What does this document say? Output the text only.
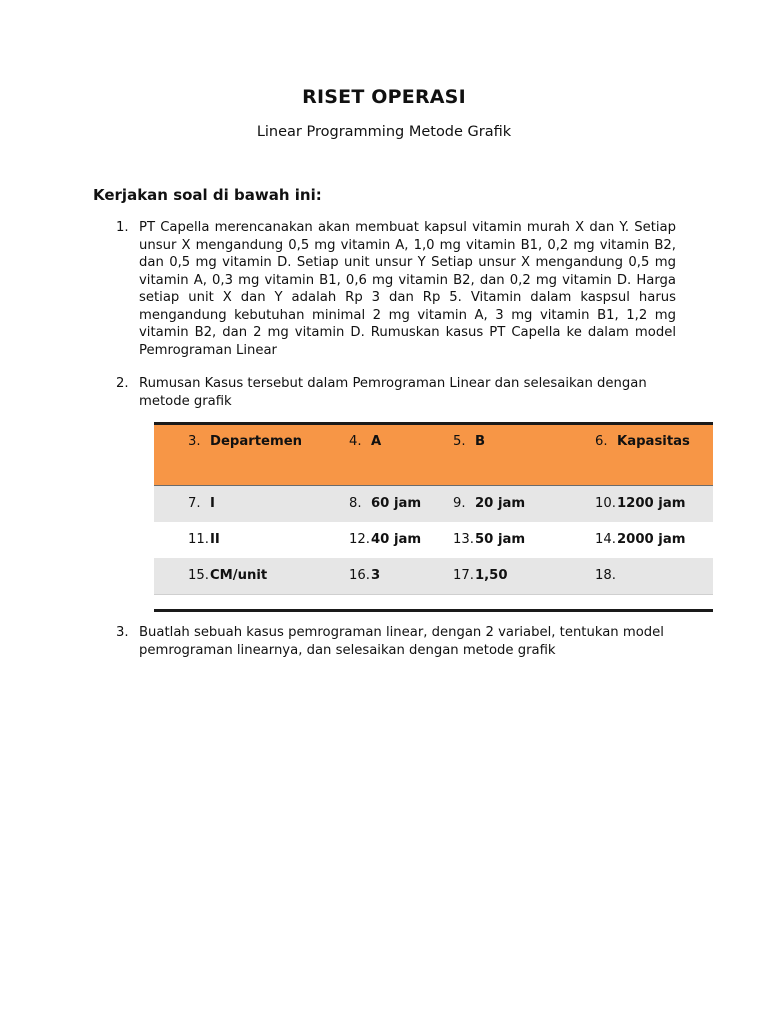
RISET OPERASI
Linear Programming Metode Grafik
Kerjakan soal di bawah ini:
1. PT Capella merencanakan akan membuat kapsul vitamin murah X dan Y. Setiap unsur X mengandung 0,5 mg vitamin A, 1,0 mg vitamin B1, 0,2 mg vitamin B2, dan 0,5 mg vitamin D. Setiap unit unsur Y Setiap unsur X mengandung 0,5 mg vitamin A, 0,3 mg vitamin B1, 0,6 mg vitamin B2, dan 0,2 mg vitamin D. Harga setiap unit X dan Y adalah Rp 3 dan Rp 5. Vitamin dalam kaspsul harus mengandung kebutuhan minimal 2 mg vitamin A, 3 mg vitamin B1, 1,2 mg vitamin B2, dan 2 mg vitamin D. Rumuskan kasus PT Capella ke dalam model Pemrograman Linear
2. Rumusan Kasus tersebut dalam Pemrograman Linear dan selesaikan dengan metode grafik
3. Departemen	4. A	5. B	6. Kapasitas
7. I	8. 60 jam	9. 20 jam	10.1200 jam
11.II	12.40 jam	13.50 jam	14.2000 jam
15.CM/unit	16.3	17.1,50	18.
3. Buatlah sebuah kasus pemrograman linear, dengan 2 variabel, tentukan model pemrograman linearnya, dan selesaikan dengan metode grafik
